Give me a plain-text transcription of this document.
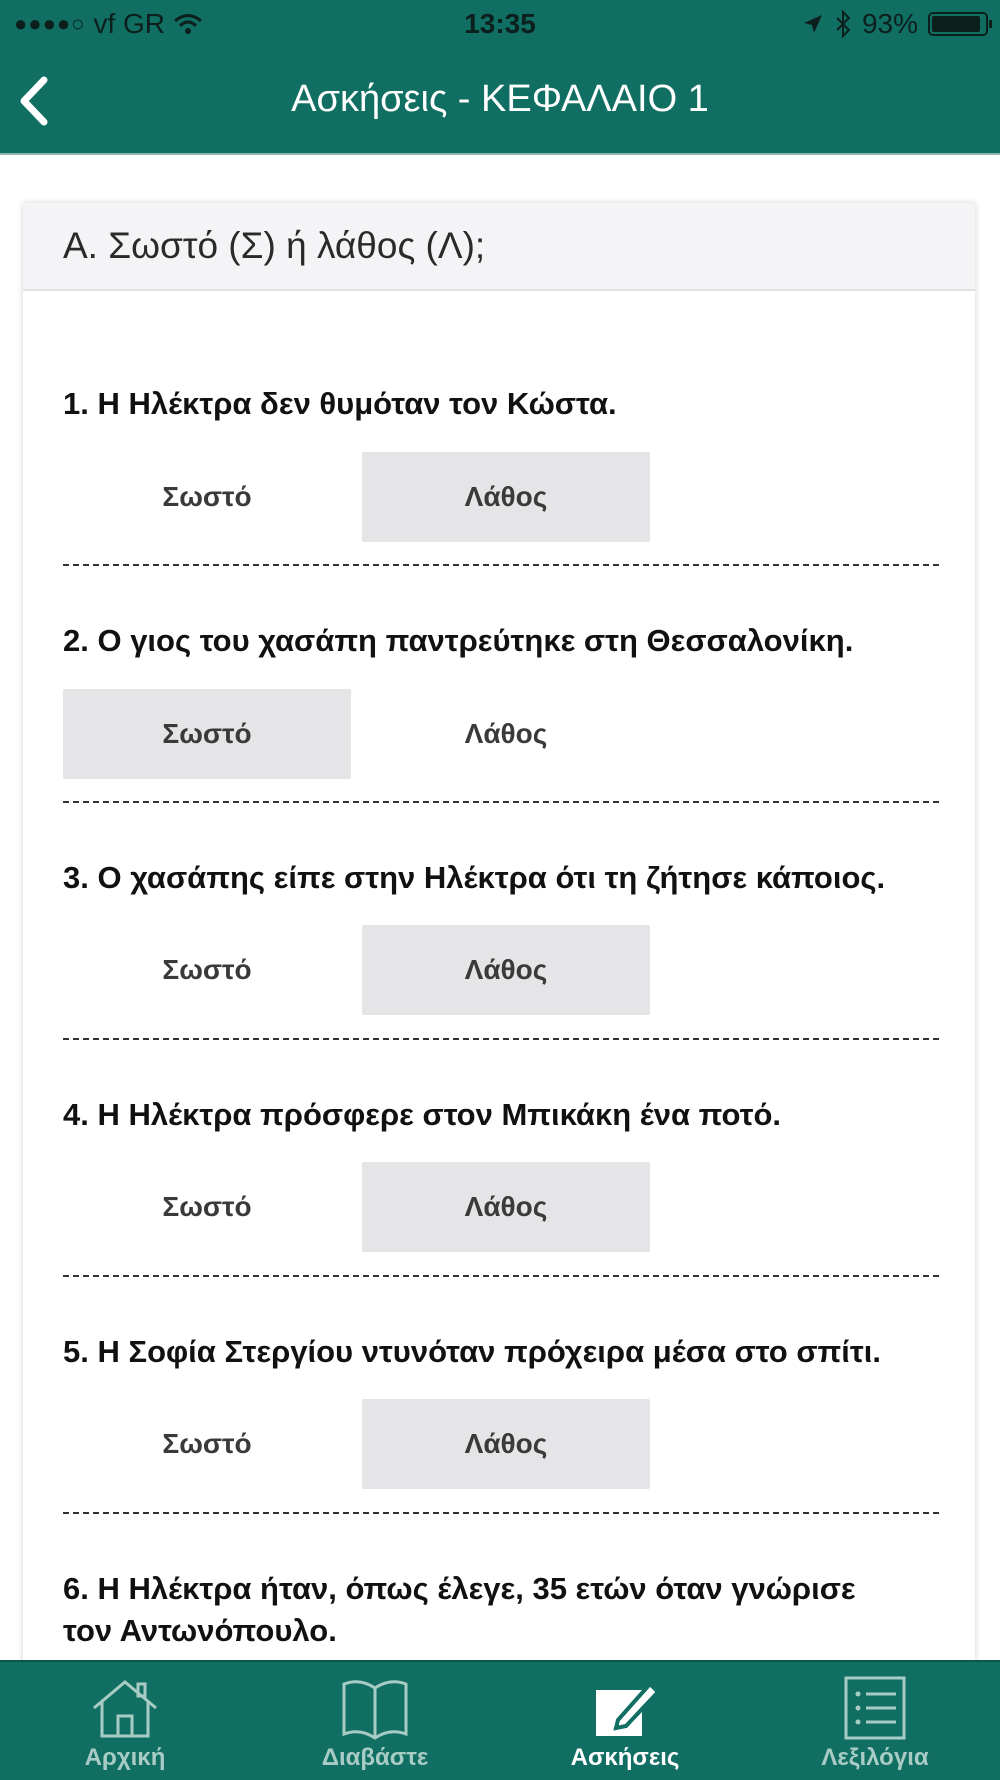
●●●●○ vf GR	13:35	93%
Ασκήσεις - ΚΕΦΑΛΑΙΟ 1
Α. Σωστό (Σ) ή λάθος (Λ);
1. Η Ηλέκτρα δεν θυμόταν τον Κώστα.
Σωστό	Λάθος
2. Ο γιος του χασάπη παντρεύτηκε στη Θεσσαλονίκη.
Σωστό	Λάθος
3. Ο χασάπης είπε στην Ηλέκτρα ότι τη ζήτησε κάποιος.
Σωστό	Λάθος
4. Η Ηλέκτρα πρόσφερε στον Μπικάκη ένα ποτό.
Σωστό	Λάθος
5. Η Σοφία Στεργίου ντυνόταν πρόχειρα μέσα στο σπίτι.
Σωστό	Λάθος
6. Η Ηλέκτρα ήταν, όπως έλεγε, 35 ετών όταν γνώρισε τον Αντωνόπουλο.
Αρχική	Διαβάστε	Ασκήσεις	Λεξιλόγια
